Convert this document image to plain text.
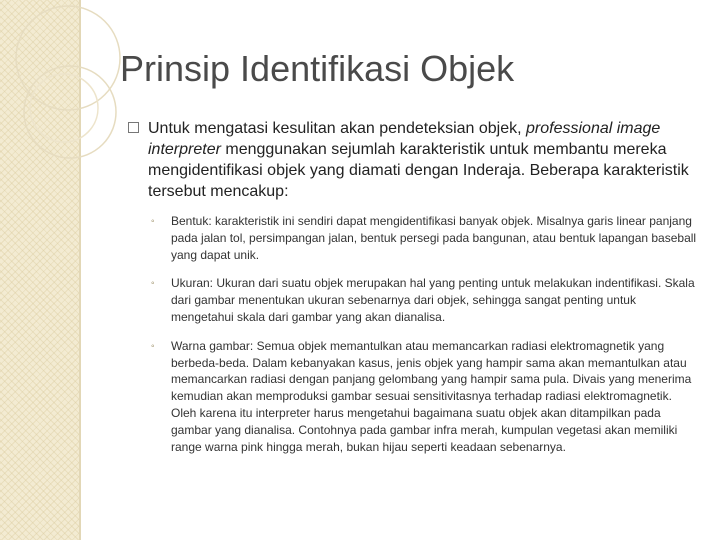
Prinsip Identifikasi Objek

Untuk mengatasi kesulitan akan pendeteksian objek, professional image interpreter menggunakan sejumlah karakteristik untuk membantu mereka mengidentifikasi objek yang diamati dengan Inderaja. Beberapa karakteristik tersebut mencakup:

◦ Bentuk: karakteristik ini sendiri dapat mengidentifikasi banyak objek. Misalnya garis linear panjang pada jalan tol, persimpangan jalan, bentuk persegi pada bangunan, atau bentuk lapangan baseball yang dapat unik.

◦ Ukuran: Ukuran dari suatu objek merupakan hal yang penting untuk melakukan indentifikasi. Skala dari gambar menentukan ukuran sebenarnya dari objek, sehingga sangat penting untuk mengetahui skala dari gambar yang akan dianalisa.

◦ Warna gambar: Semua objek memantulkan atau memancarkan radiasi elektromagnetik yang berbeda-beda. Dalam kebanyakan kasus, jenis objek yang hampir sama akan memantulkan atau memancarkan radiasi dengan panjang gelombang yang hampir sama pula. Divais yang menerima kemudian akan memproduksi gambar sesuai sensitivitasnya terhadap radiasi elektromagnetik. Oleh karena itu interpreter harus mengetahui bagaimana suatu objek akan ditampilkan pada gambar yang dianalisa. Contohnya pada gambar infra merah, kumpulan vegetasi akan memiliki range warna pink hingga merah, bukan hijau seperti keadaan sebenarnya.
